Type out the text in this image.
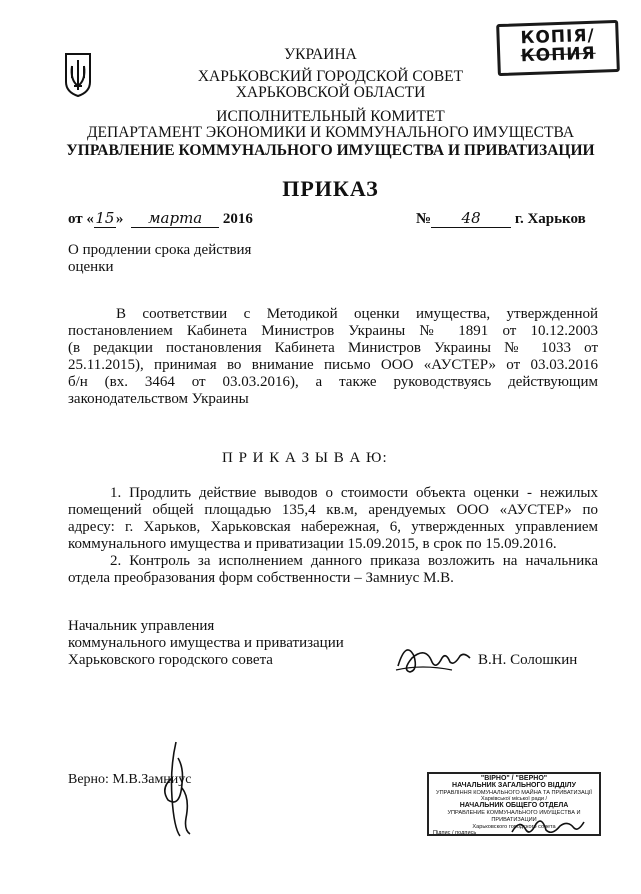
КОПІЯ/
КОПИЯ
УКРАИНА
ХАРЬКОВСКИЙ ГОРОДСКОЙ СОВЕТ
ХАРЬКОВСКОЙ ОБЛАСТИ
ИСПОЛНИТЕЛЬНЫЙ КОМИТЕТ
ДЕПАРТАМЕНТ ЭКОНОМИКИ И КОММУНАЛЬНОГО ИМУЩЕСТВА
УПРАВЛЕНИЕ КОММУНАЛЬНОГО ИМУЩЕСТВА И ПРИВАТИЗАЦИИ
ПРИКАЗ
от «15» марта 2016	№ 48 г. Харьков
О продлении срока действия
оценки
В соответствии с Методикой оценки имущества, утвержденной
постановлением Кабинета Министров Украины № 1891 от 10.12.2003
(в редакции постановления Кабинета Министров Украины № 1033 от
25.11.2015), принимая во внимание письмо ООО «АУСТЕР» от 03.03.2016
б/н (вх. 3464 от 03.03.2016), а также руководствуясь действующим
законодательством Украины
П Р И К А З Ы В А Ю:
1. Продлить действие выводов о стоимости объекта оценки - нежилых
помещений общей площадью 135,4 кв.м, арендуемых ООО «АУСТЕР» по
адресу: г. Харьков, Харьковская набережная, 6, утвержденных управлением
коммунального имущества и приватизации 15.09.2015, в срок по 15.09.2016.
2. Контроль за исполнением данного приказа возложить на начальника
отдела преобразования форм собственности – Замниус М.В.
Начальник управления
коммунального имущества и приватизации
Харьковского городского совета	В.Н. Солошкин
Верно: М.В.Замниус	"ВІРНО" / "ВЕРНО"
НАЧАЛЬНИК ЗАГАЛЬНОГО ВІДДІЛУ
УПРАВЛІННЯ КОМУНАЛЬНОГО МАЙНА ТА ПРИВАТИЗАЦІЇ
Харківської міської ради /
НАЧАЛЬНИК ОБЩЕГО ОТДЕЛА
УПРАВЛЕНИЕ КОММУНАЛЬНОГО ИМУЩЕСТВА И ПРИВАТИЗАЦИИ
Харьковского городского совета
Підпис / подпись
